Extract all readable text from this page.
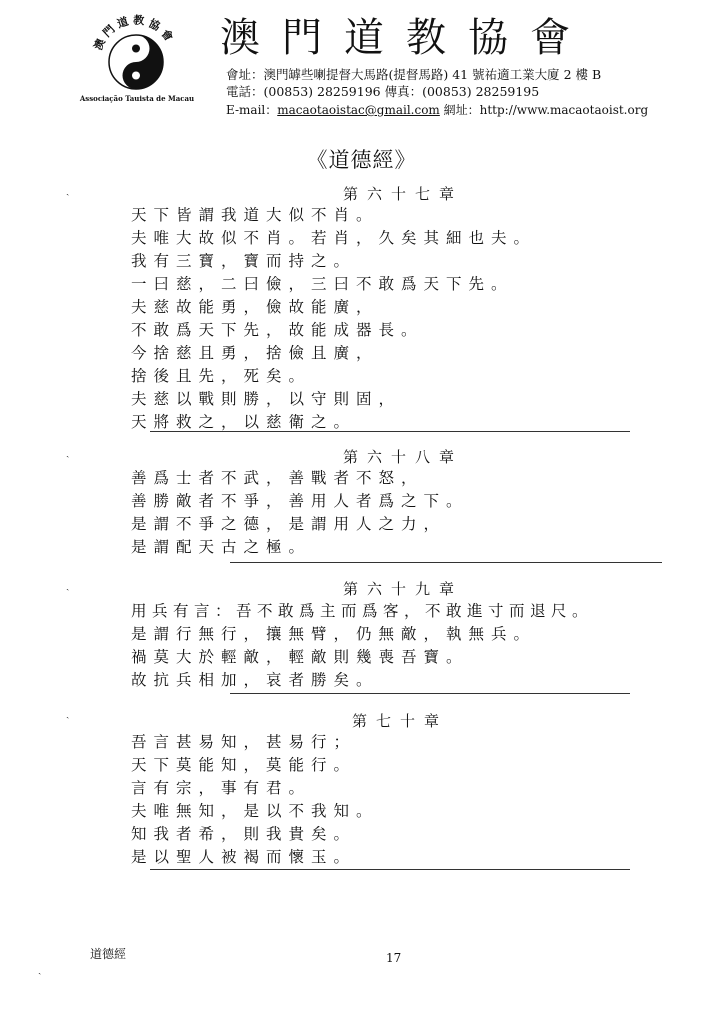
澳 門 道 教 協 會
Associação Tauista de Macau
澳門道教協會
會址：澳門罅些喇提督大馬路(提督馬路) 41 號祐適工業大廈 2 樓 B
電話：(00853) 28259196 傳真：(00853) 28259195
E-mail：macaotaoistac@gmail.com 網址：http://www.macaotaoist.org
《道德經》
第六十七章
天下皆謂我道大似不肖。
夫唯大故似不肖。若肖，久矣其細也夫。
我有三寶，寶而持之。
一曰慈，二曰儉，三曰不敢爲天下先。
夫慈故能勇，儉故能廣，
不敢爲天下先，故能成器長。
今捨慈且勇，捨儉且廣，
捨後且先，死矣。
夫慈以戰則勝，以守則固，
天將救之，以慈衛之。
第六十八章
善爲士者不武，善戰者不怒，
善勝敵者不爭，善用人者爲之下。
是謂不爭之德，是謂用人之力，
是謂配天古之極。
第六十九章
用兵有言：吾不敢爲主而爲客，不敢進寸而退尺。
是謂行無行，攘無臂，仍無敵，執無兵。
禍莫大於輕敵，輕敵則幾喪吾寶。
故抗兵相加，哀者勝矣。
第七十章
吾言甚易知，甚易行；
天下莫能知，莫能行。
言有宗，事有君。
夫唯無知，是以不我知。
知我者希，則我貴矣。
是以聖人被褐而懷玉。
ˏ
ˏ
ˏ
ˏ
ˏ
道德經	17
